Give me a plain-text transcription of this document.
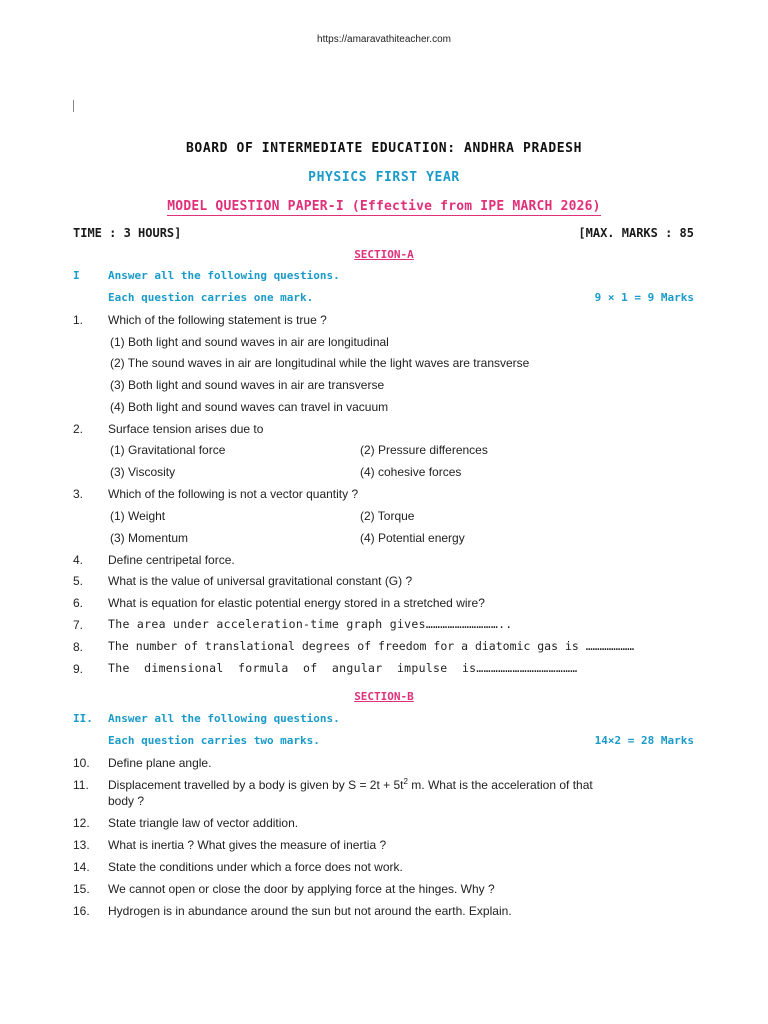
https://amaravathiteacher.com
BOARD OF INTERMEDIATE EDUCATION: ANDHRA PRADESH
PHYSICS FIRST YEAR
MODEL QUESTION PAPER-I (Effective from IPE MARCH 2026)
TIME : 3 HOURS]	[MAX. MARKS : 85
SECTION-A
I	Answer all the following questions.
Each question carries one mark.	9 × 1 = 9 Marks
1. Which of the following statement is true ?
(1) Both light and sound waves in air are longitudinal
(2) The sound waves in air are longitudinal while the light waves are transverse
(3) Both light and sound waves in air are transverse
(4) Both light and sound waves can travel in vacuum
2. Surface tension arises due to
(1) Gravitational force	(2) Pressure differences
(3) Viscosity	(4) cohesive forces
3. Which of the following is not a vector quantity ?
(1) Weight	(2) Torque
(3) Momentum	(4) Potential energy
4. Define centripetal force.
5. What is the value of universal gravitational constant (G) ?
6. What is equation for elastic potential energy stored in a stretched wire?
7. The area under acceleration-time graph gives…………………………..
8. The number of translational degrees of freedom for a diatomic gas is …………………
9. The  dimensional  formula  of  angular  impulse  is……………………………………
SECTION-B
II. Answer all the following questions.
Each question carries two marks.	14×2 = 28 Marks
10. Define plane angle.
11. Displacement travelled by a body is given by $S = 2t + 5t^2$ m. What is the acceleration of that
body ?
12. State triangle law of vector addition.
13. What is inertia ? What gives the measure of inertia ?
14. State the conditions under which a force does not work.
15. We cannot open or close the door by applying force at the hinges. Why ?
16. Hydrogen is in abundance around the sun but not around the earth. Explain.
